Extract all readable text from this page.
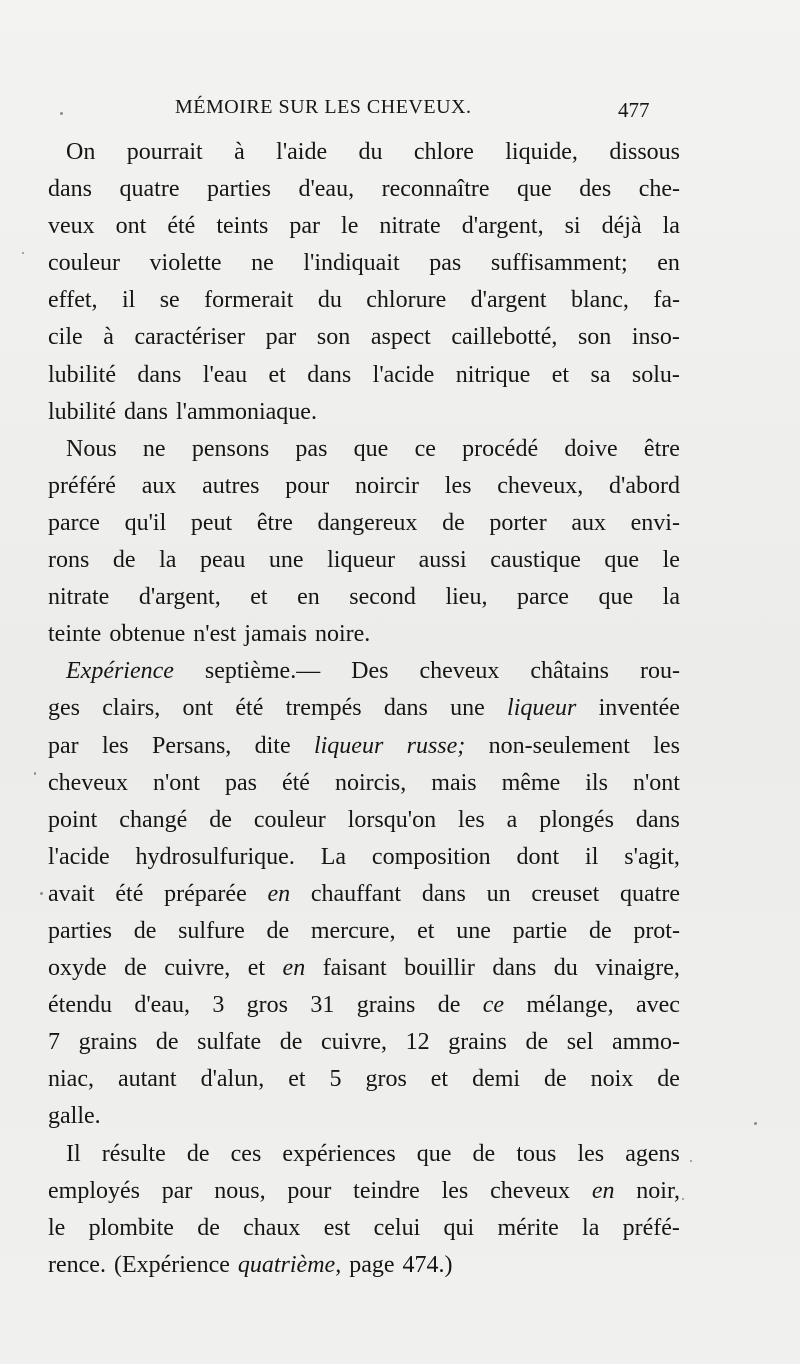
MÉMOIRE SUR LES CHEVEUX.	477
On pourrait à l'aide du chlore liquide, dissous
dans quatre parties d'eau, reconnaître que des che-
veux ont été teints par le nitrate d'argent, si déjà la
couleur violette ne l'indiquait pas suffisamment; en
effet, il se formerait du chlorure d'argent blanc, fa-
cile à caractériser par son aspect caillebotté, son inso-
lubilité dans l'eau et dans l'acide nitrique et sa solu-
lubilité dans l'ammoniaque.
Nous ne pensons pas que ce procédé doive être
préféré aux autres pour noircir les cheveux, d'abord
parce qu'il peut être dangereux de porter aux envi-
rons de la peau une liqueur aussi caustique que le
nitrate d'argent, et en second lieu, parce que la
teinte obtenue n'est jamais noire.
Expérience septième.— Des cheveux châtains rou-
ges clairs, ont été trempés dans une liqueur inventée
par les Persans, dite liqueur russe; non-seulement les
cheveux n'ont pas été noircis, mais même ils n'ont
point changé de couleur lorsqu'on les a plongés dans
l'acide hydrosulfurique. La composition dont il s'agit,
avait été préparée en chauffant dans un creuset quatre
parties de sulfure de mercure, et une partie de prot-
oxyde de cuivre, et en faisant bouillir dans du vinaigre,
étendu d'eau, 3 gros 31 grains de ce mélange, avec
7 grains de sulfate de cuivre, 12 grains de sel ammo-
niac, autant d'alun, et 5 gros et demi de noix de
galle.
Il résulte de ces expériences que de tous les agens
employés par nous, pour teindre les cheveux en noir,
le plombite de chaux est celui qui mérite la préfé-
rence. (Expérience quatrième, page 474.)
